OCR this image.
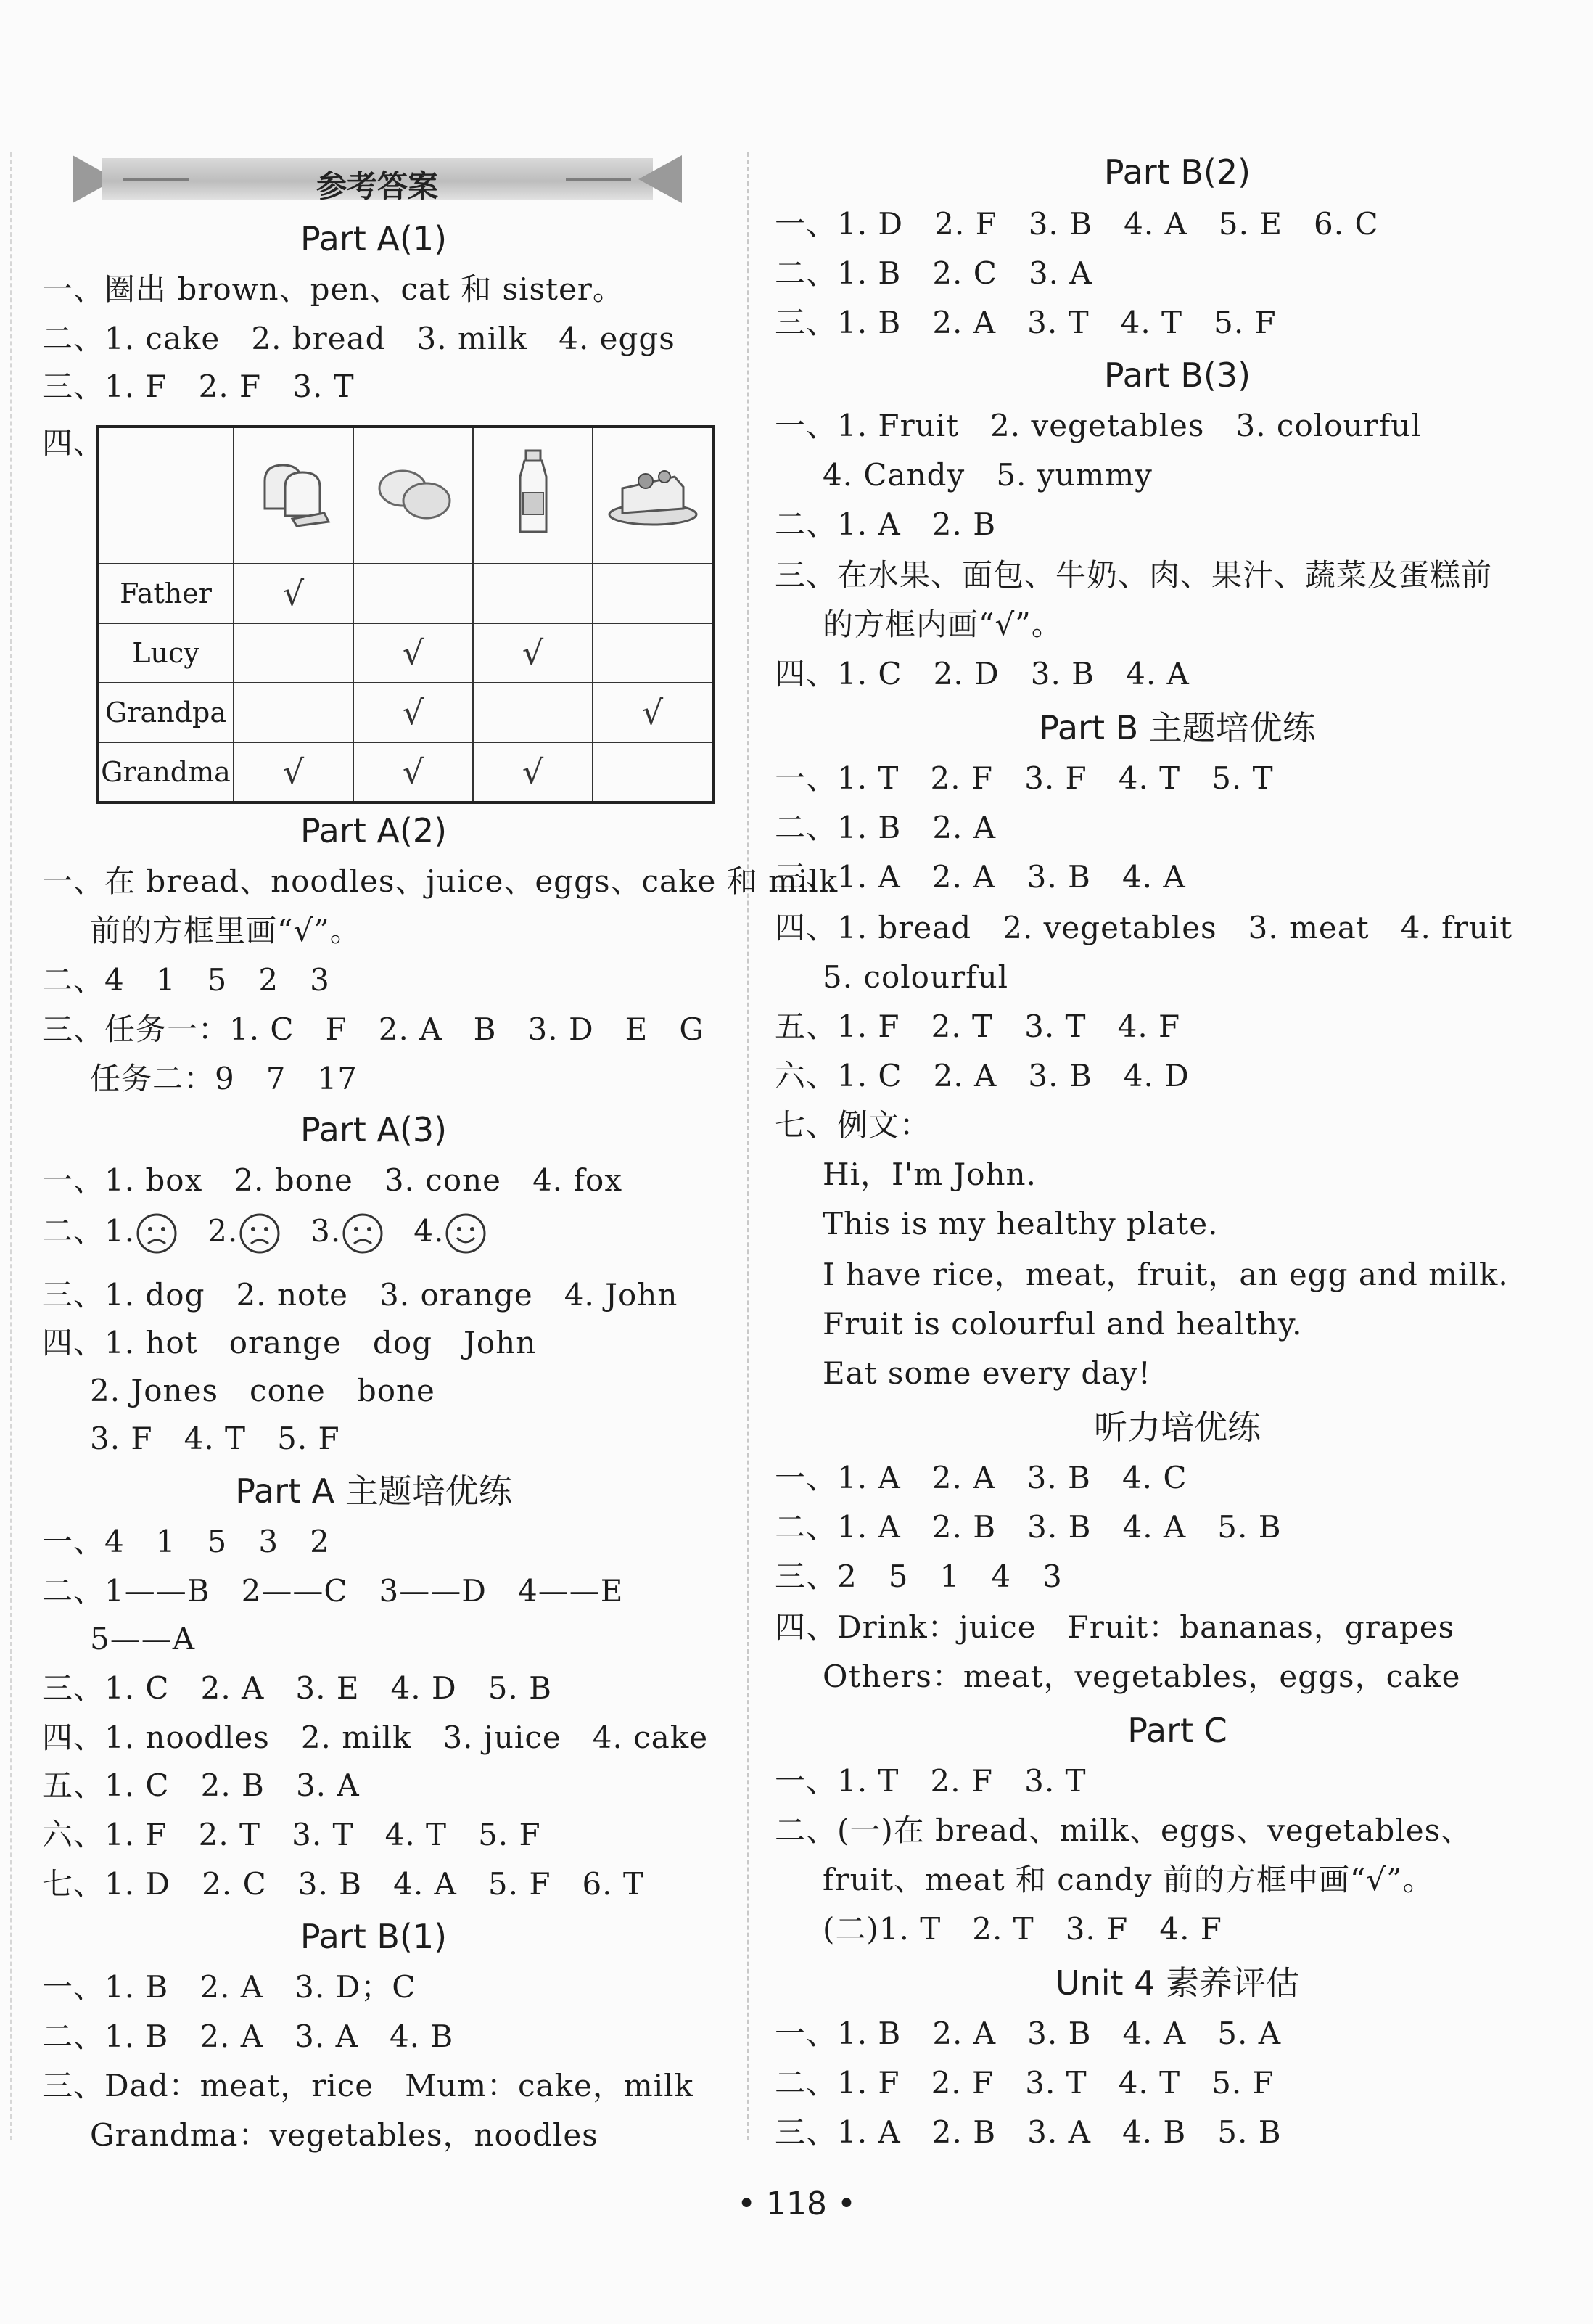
参考答案
Part A(1)
一、圈出 brown、pen、cat 和 sister。
二、1. cake   2. bread   3. milk   4. eggs
三、1. F   2. F   3. T
四、

Father	√			
Lucy		√	√	
Grandpa		√		√
Grandma	√	√	√	
Part A(2)
一、在 bread、noodles、juice、eggs、cake 和 milk
前的方框里画“√”。
二、4   1   5   2   3
三、任务一：1. C   F   2. A   B   3. D   E   G
任务二：9   7   17
Part A(3)
一、1. box   2. bone   3. cone   4. fox
二、1. 2. 3. 4.
三、1. dog   2. note   3. orange   4. John
四、1. hot   orange   dog   John
2. Jones   cone   bone
3. F   4. T   5. F
Part A 主题培优练
一、4   1   5   3   2
二、1——B   2——C   3——D   4——E
5——A
三、1. C   2. A   3. E   4. D   5. B
四、1. noodles   2. milk   3. juice   4. cake
五、1. C   2. B   3. A
六、1. F   2. T   3. T   4. T   5. F
七、1. D   2. C   3. B   4. A   5. F   6. T
Part B(1)
一、1. B   2. A   3. D；C
二、1. B   2. A   3. A   4. B
三、Dad：meat，rice   Mum：cake，milk
Grandma：vegetables，noodles
Part B(2)
一、1. D   2. F   3. B   4. A   5. E   6. C
二、1. B   2. C   3. A
三、1. B   2. A   3. T   4. T   5. F
Part B(3)
一、1. Fruit   2. vegetables   3. colourful
4. Candy   5. yummy
二、1. A   2. B
三、在水果、面包、牛奶、肉、果汁、蔬菜及蛋糕前
的方框内画“√”。
四、1. C   2. D   3. B   4. A
Part B 主题培优练
一、1. T   2. F   3. F   4. T   5. T
二、1. B   2. A
三、1. A   2. A   3. B   4. A
四、1. bread   2. vegetables   3. meat   4. fruit
5. colourful
五、1. F   2. T   3. T   4. F
六、1. C   2. A   3. B   4. D
七、例文：
Hi，I'm John.
This is my healthy plate.
I have rice，meat，fruit，an egg and milk.
Fruit is colourful and healthy.
Eat some every day!
听力培优练
一、1. A   2. A   3. B   4. C
二、1. A   2. B   3. B   4. A   5. B
三、2   5   1   4   3
四、Drink：juice   Fruit：bananas，grapes
Others：meat，vegetables，eggs，cake
Part C
一、1. T   2. F   3. T
二、(一)在 bread、milk、eggs、vegetables、
fruit、meat 和 candy 前的方框中画“√”。
(二)1. T   2. T   3. F   4. F
Unit 4 素养评估
一、1. B   2. A   3. B   4. A   5. A
二、1. F   2. F   3. T   4. T   5. F
三、1. A   2. B   3. A   4. B   5. B
• 118 •
